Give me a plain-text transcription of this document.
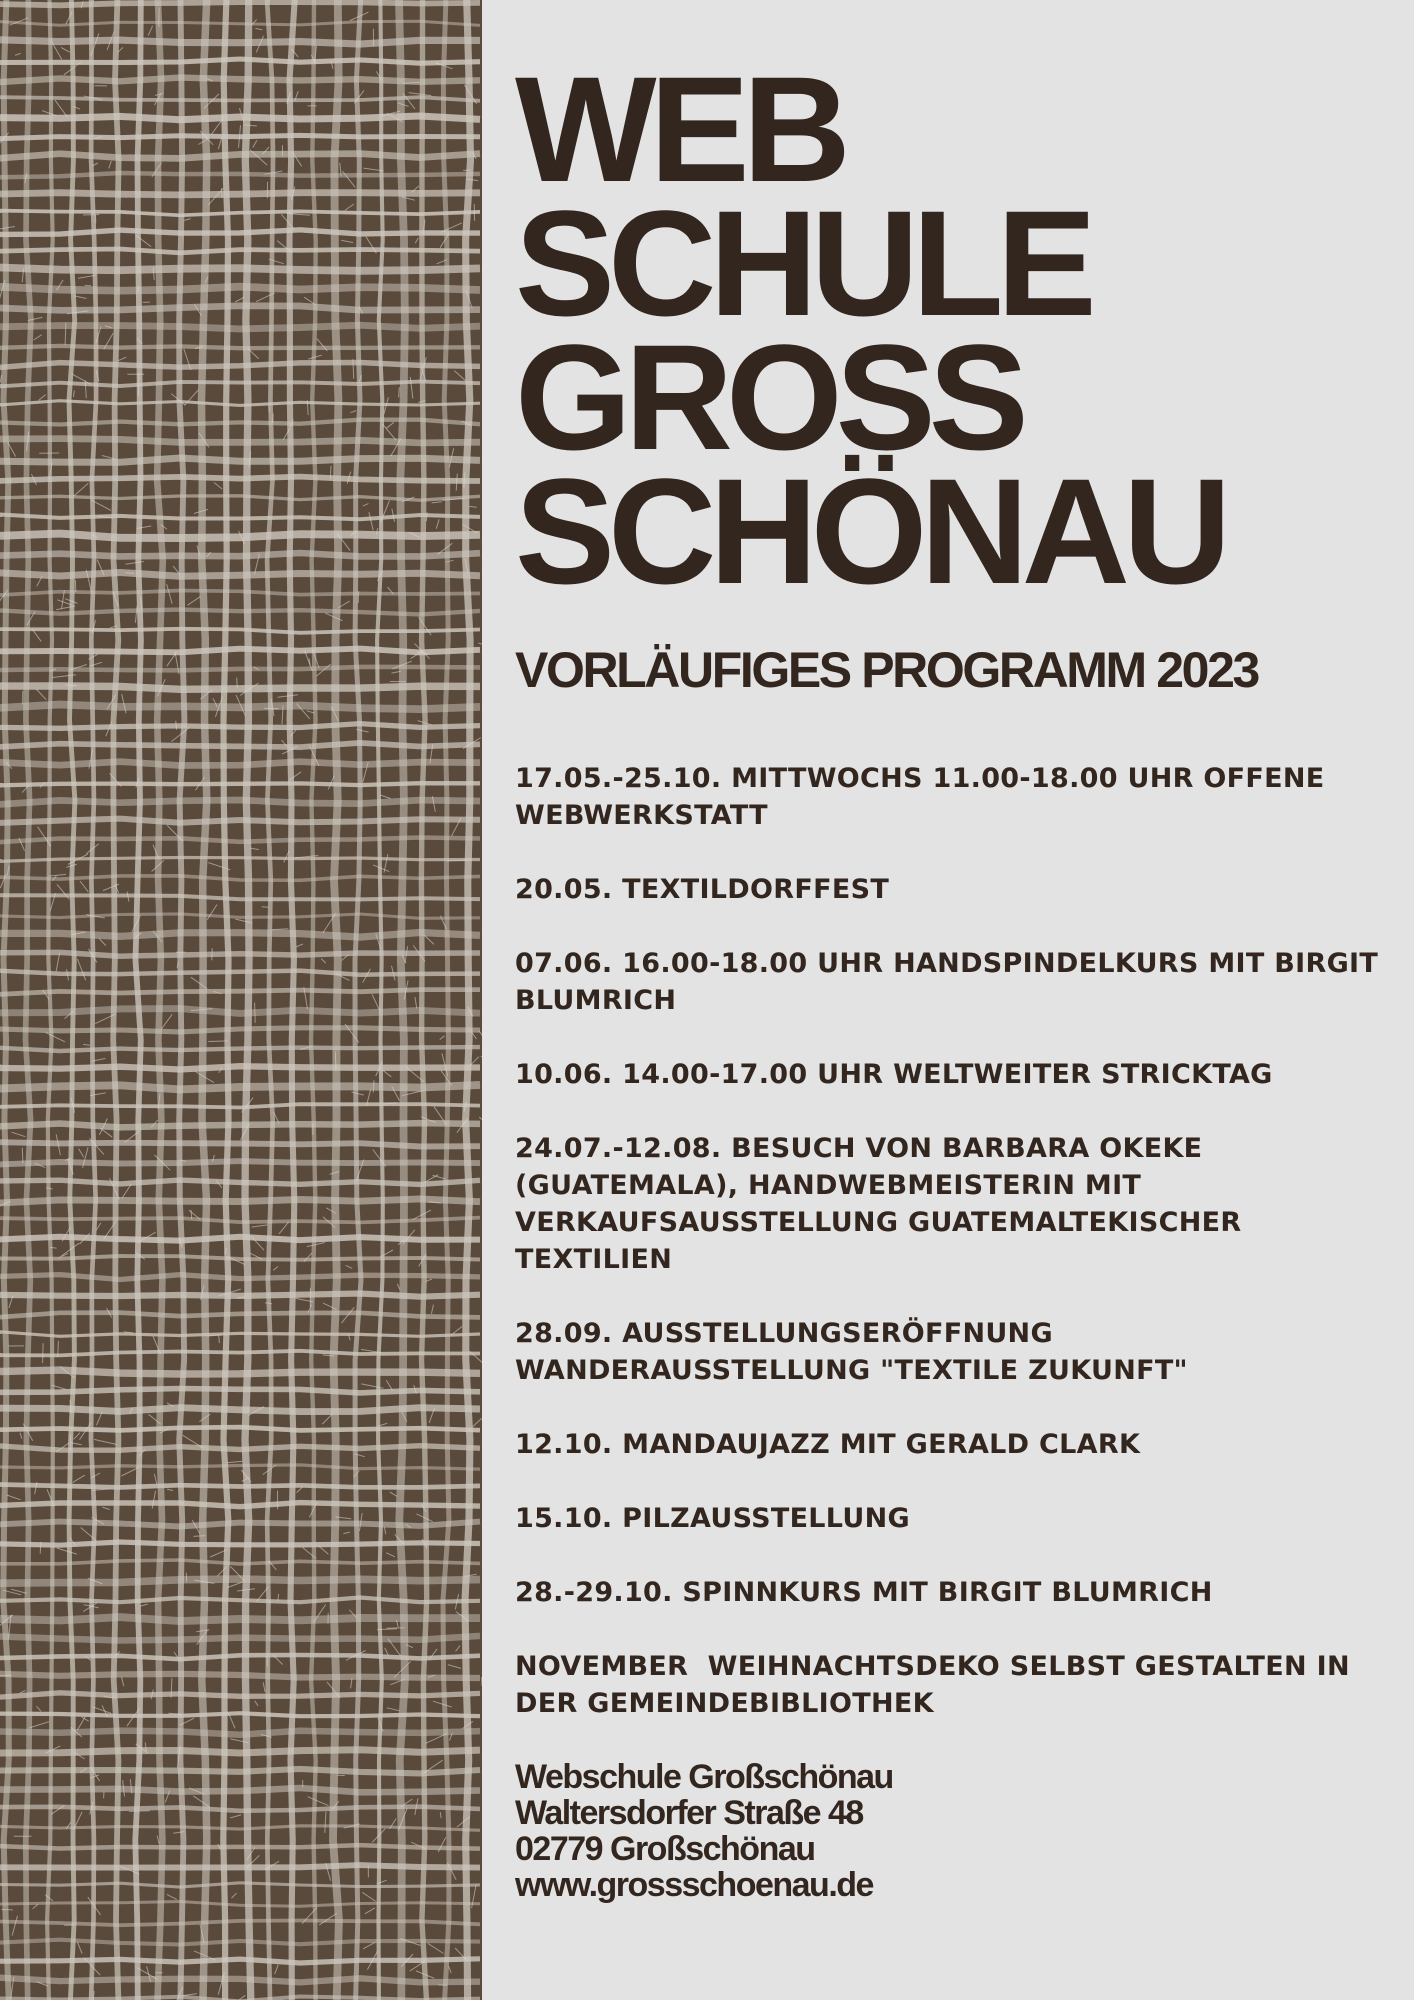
WEB
SCHULE
GROSS
SCHÖNAU
VORLÄUFIGES PROGRAMM 2023
17.05.-25.10. MITTWOCHS 11.00-18.00 UHR OFFENE WEBWERKSTATT
20.05. TEXTILDORFFEST
07.06. 16.00-18.00 UHR HANDSPINDELKURS MIT BIRGIT BLUMRICH
10.06. 14.00-17.00 UHR WELTWEITER STRICKTAG
24.07.-12.08. BESUCH VON BARBARA OKEKE (GUATEMALA), HANDWEBMEISTERIN MIT VERKAUFSAUSSTELLUNG GUATEMALTEKISCHER TEXTILIEN
28.09. AUSSTELLUNGSERÖFFNUNG WANDERAUSSTELLUNG "TEXTILE ZUKUNFT"
12.10. MANDAUJAZZ MIT GERALD CLARK
15.10. PILZAUSSTELLUNG
28.-29.10. SPINNKURS MIT BIRGIT BLUMRICH
NOVEMBER  WEIHNACHTSDEKO SELBST GESTALTEN IN DER GEMEINDEBIBLIOTHEK
Webschule Großschönau
Waltersdorfer Straße 48
02779 Großschönau
www.grossschoenau.de
